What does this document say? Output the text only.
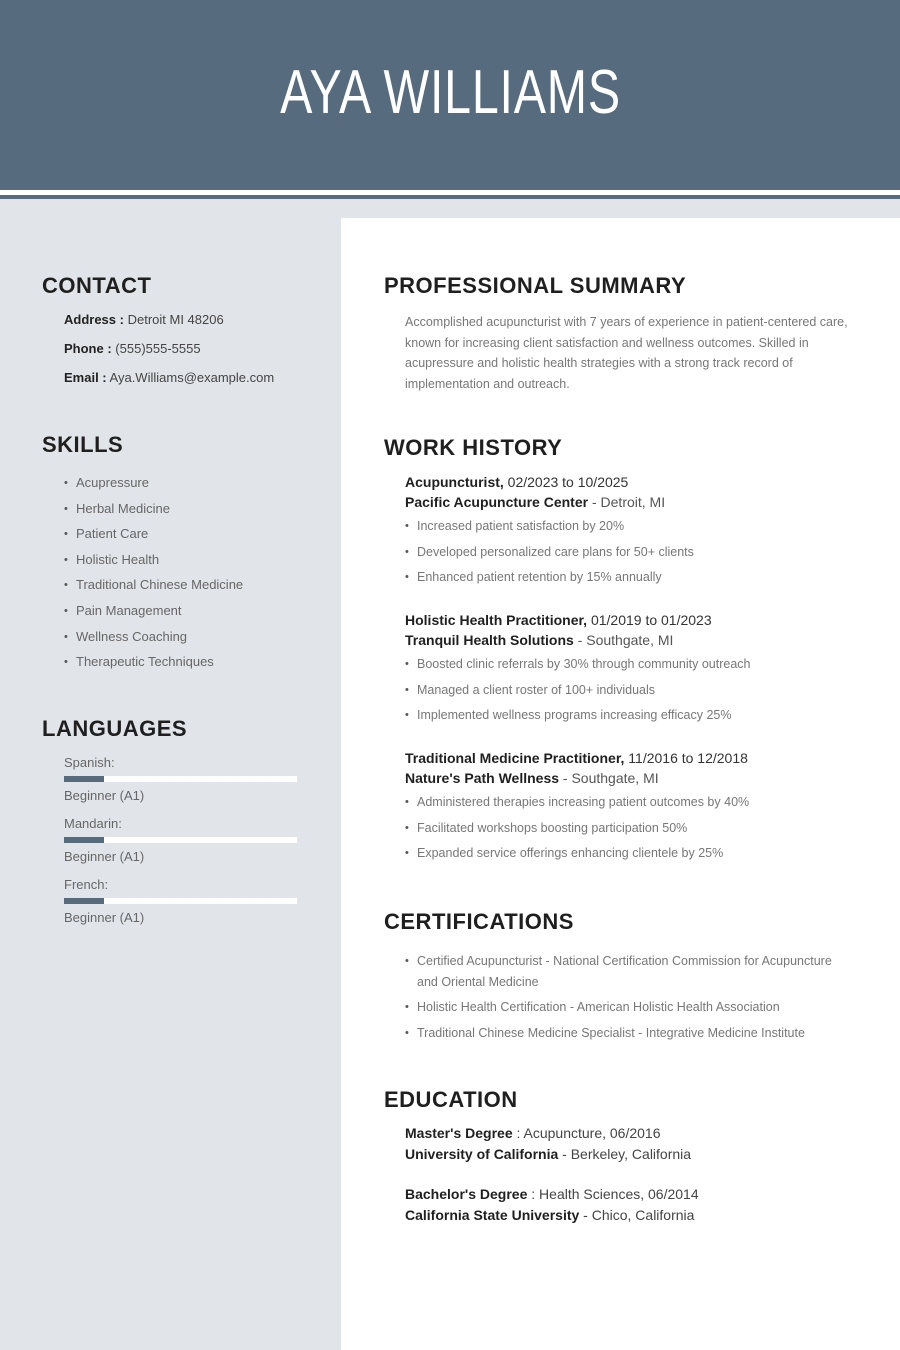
AYA WILLIAMS
CONTACT
Address : Detroit MI 48206
Phone : (555)555-5555
Email : Aya.Williams@example.com
SKILLS
• Acupressure
• Herbal Medicine
• Patient Care
• Holistic Health
• Traditional Chinese Medicine
• Pain Management
• Wellness Coaching
• Therapeutic Techniques
LANGUAGES
Spanish:
Beginner (A1)
Mandarin:
Beginner (A1)
French:
Beginner (A1)
PROFESSIONAL SUMMARY

Accomplished acupuncturist with 7 years of experience in patient-centered care, known for increasing client satisfaction and wellness outcomes. Skilled in acupressure and holistic health strategies with a strong track record of implementation and outreach.

WORK HISTORY
Acupuncturist, 02/2023 to 10/2025
Pacific Acupuncture Center - Detroit, MI
• Increased patient satisfaction by 20%
• Developed personalized care plans for 50+ clients
• Enhanced patient retention by 15% annually
Holistic Health Practitioner, 01/2019 to 01/2023
Tranquil Health Solutions - Southgate, MI
• Boosted clinic referrals by 30% through community outreach
• Managed a client roster of 100+ individuals
• Implemented wellness programs increasing efficacy 25%
Traditional Medicine Practitioner, 11/2016 to 12/2018
Nature's Path Wellness - Southgate, MI
• Administered therapies increasing patient outcomes by 40%
• Facilitated workshops boosting participation 50%
• Expanded service offerings enhancing clientele by 25%
CERTIFICATIONS
• Certified Acupuncturist - National Certification Commission for Acupuncture and Oriental Medicine
• Holistic Health Certification - American Holistic Health Association
• Traditional Chinese Medicine Specialist - Integrative Medicine Institute
EDUCATION
Master's Degree : Acupuncture, 06/2016
University of California - Berkeley, California
Bachelor's Degree : Health Sciences, 06/2014
California State University - Chico, California
